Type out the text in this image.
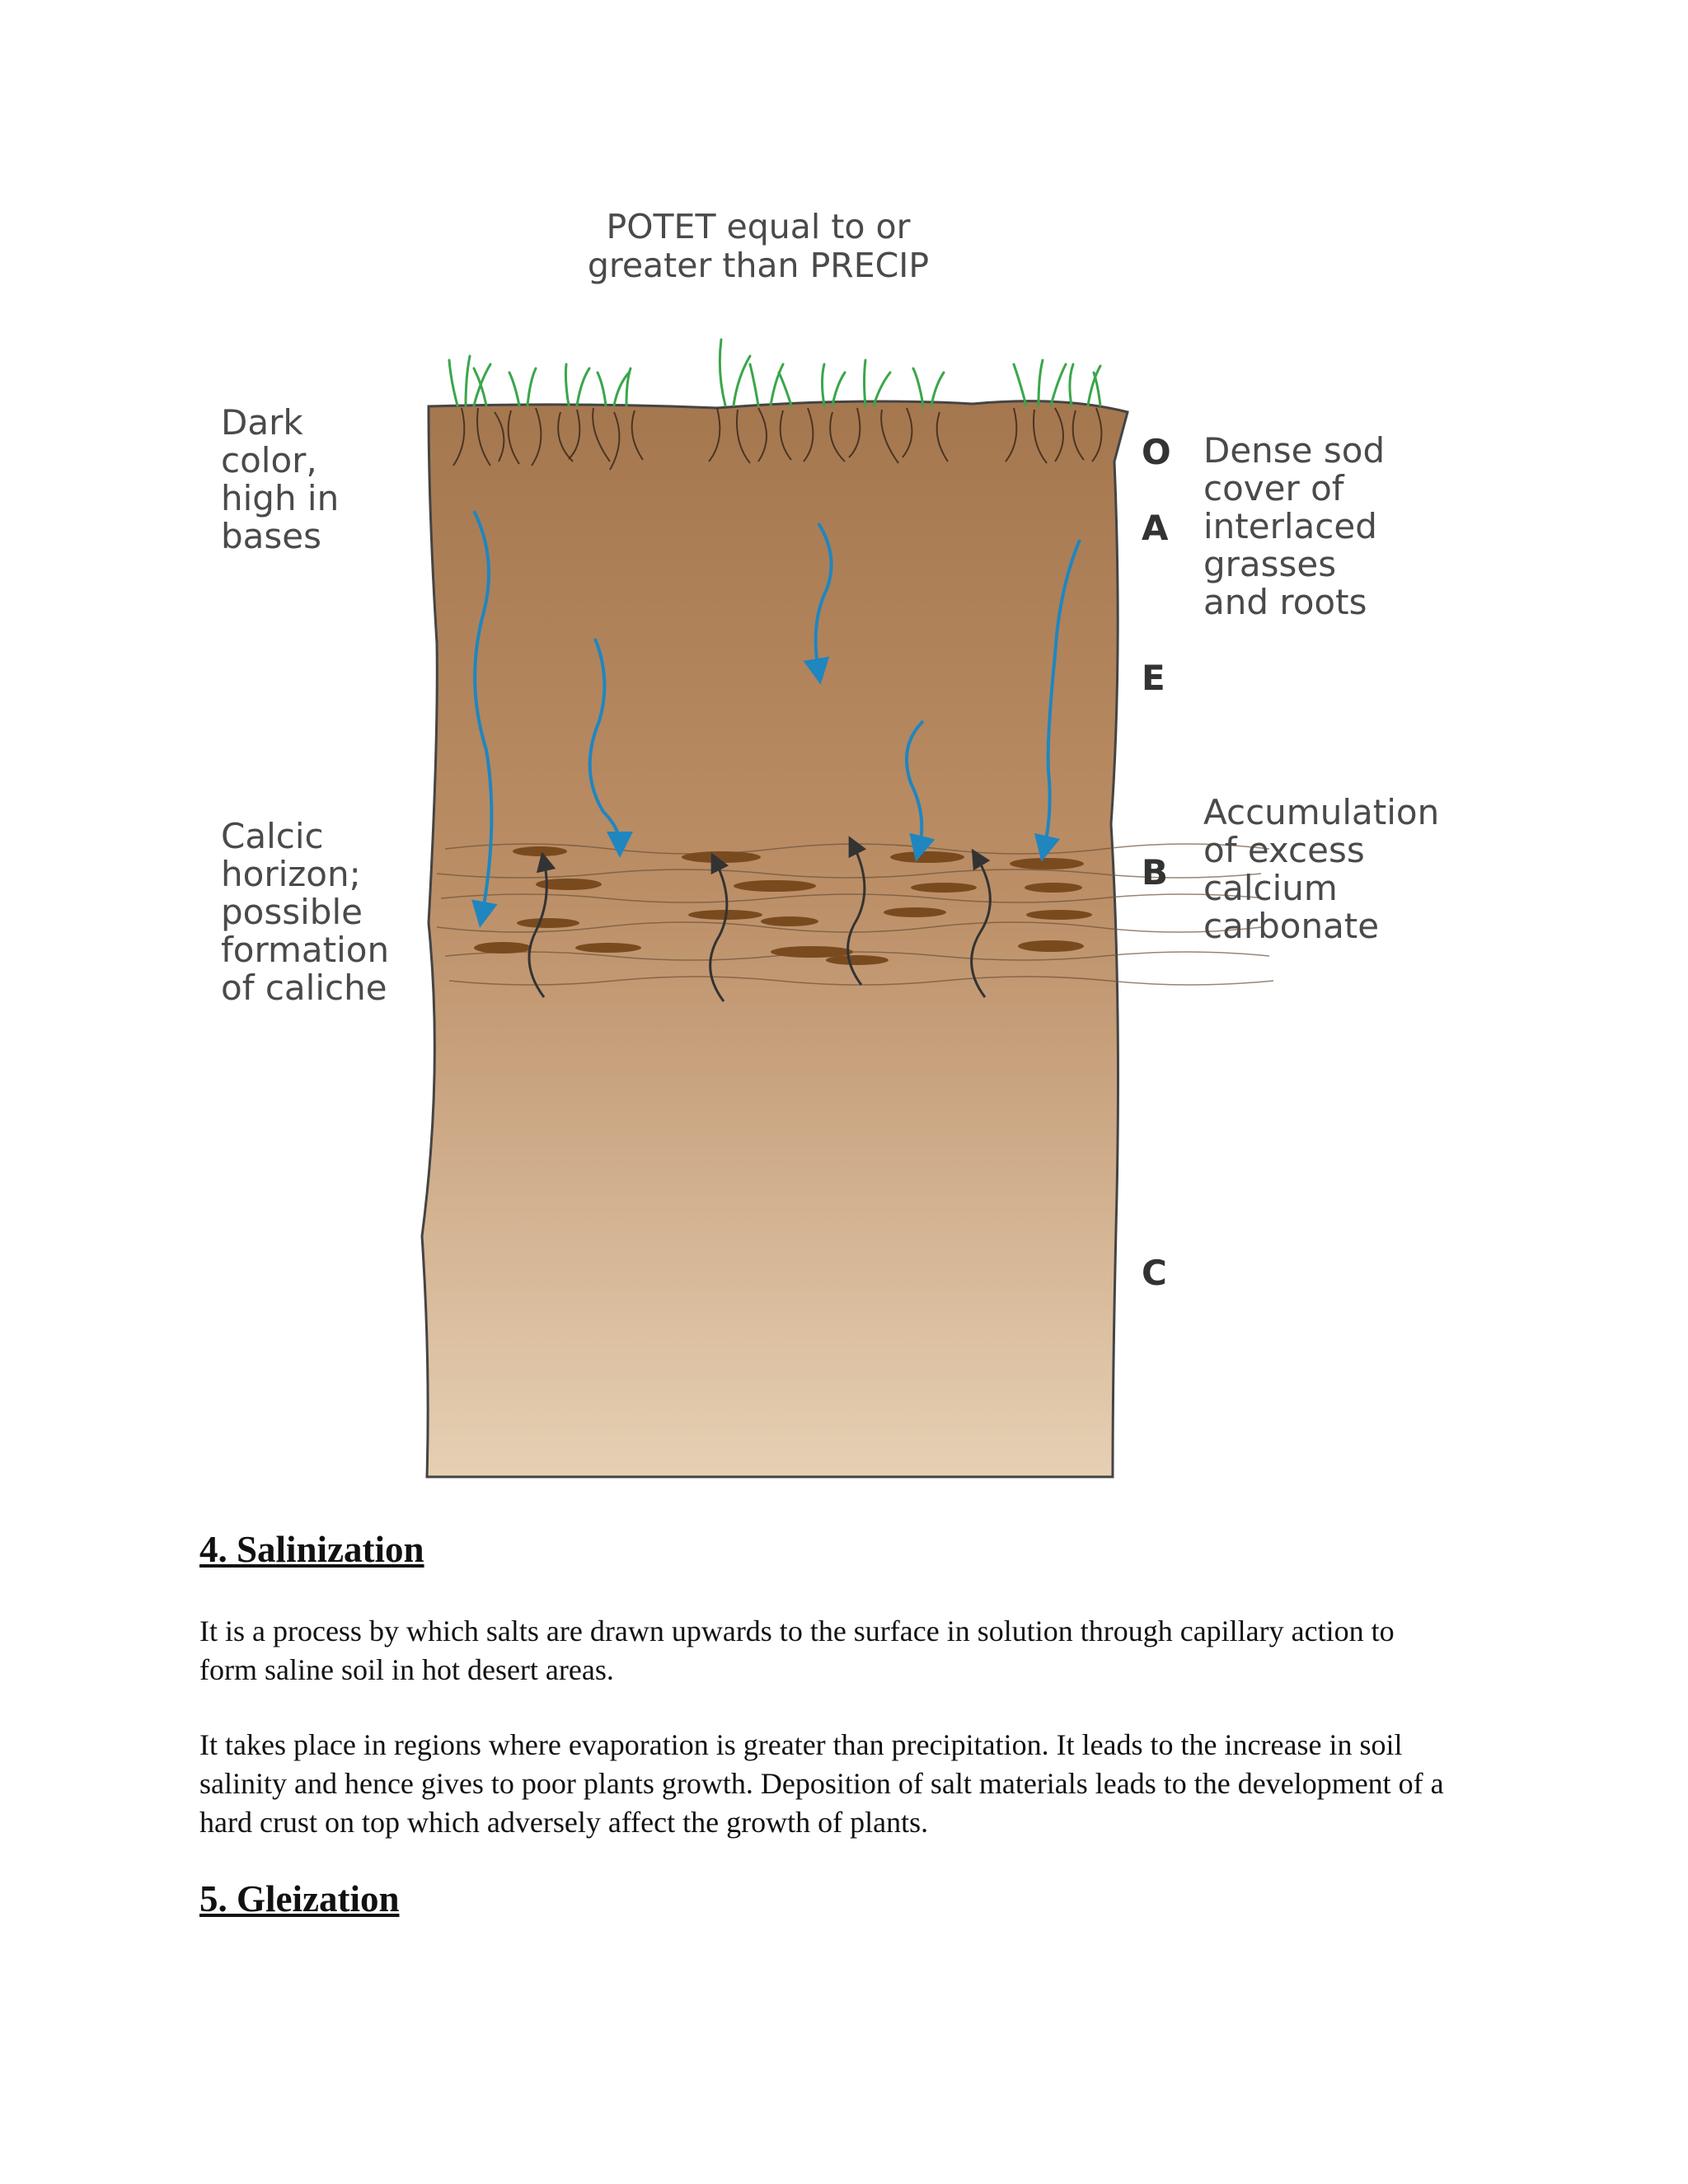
POTET equal to or
greater than PRECIP
Dark
color,
high in
bases
Calcic
horizon;
possible
formation
of caliche
O
A
E
B
C
Dense sod
cover of
interlaced
grasses
and roots
Accumulation
of excess
calcium
carbonate
4. Salinization
It is a process by which salts are drawn upwards to the surface in solution through capillary action to form saline soil in hot desert areas.
It takes place in regions where evaporation is greater than precipitation. It leads to the increase in soil salinity and hence gives to poor plants growth. Deposition of salt materials leads to the development of a hard crust on top which adversely affect the growth of plants.
5. Gleization
